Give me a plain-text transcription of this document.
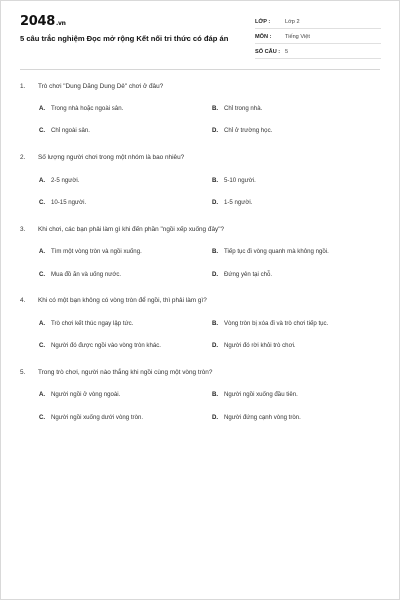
2048.vn
5 câu trắc nghiệm Đọc mở rộng Kết nối tri thức có đáp án
LỚP :	Lớp 2
MÔN : Tiếng Việt
SỐ CÂU : 5
1. Trò chơi "Dung Dăng Dung Dẻ" chơi ở đâu?
A. Trong nhà hoặc ngoài sân.	B. Chỉ trong nhà.
C. Chỉ ngoài sân.	D. Chỉ ở trường học.
2. Số lượng người chơi trong một nhóm là bao nhiêu?
A. 2-5 người.	B. 5-10 người.
C. 10-15 người.	D. 1-5 người.
3. Khi chơi, các bạn phải làm gì khi đến phần "ngồi xếp xuống đây"?
A. Tìm một vòng tròn và ngồi xuống.	B. Tiếp tục đi vòng quanh mà không ngồi.
C. Mua đồ ăn và uống nước.	D. Đứng yên tại chỗ.
4. Khi có một bạn không có vòng tròn để ngồi, thì phải làm gì?
A. Trò chơi kết thúc ngay lập tức.	B. Vòng tròn bị xóa đi và trò chơi tiếp tục.
C. Người đó được ngồi vào vòng tròn khác.	D. Người đó rời khỏi trò chơi.
5. Trong trò chơi, người nào thắng khi ngồi cùng một vòng tròn?
A. Người ngồi ở vòng ngoài.	B. Người ngồi xuống đầu tiên.
C. Người ngồi xuống dưới vòng tròn.	D. Người đứng cạnh vòng tròn.
